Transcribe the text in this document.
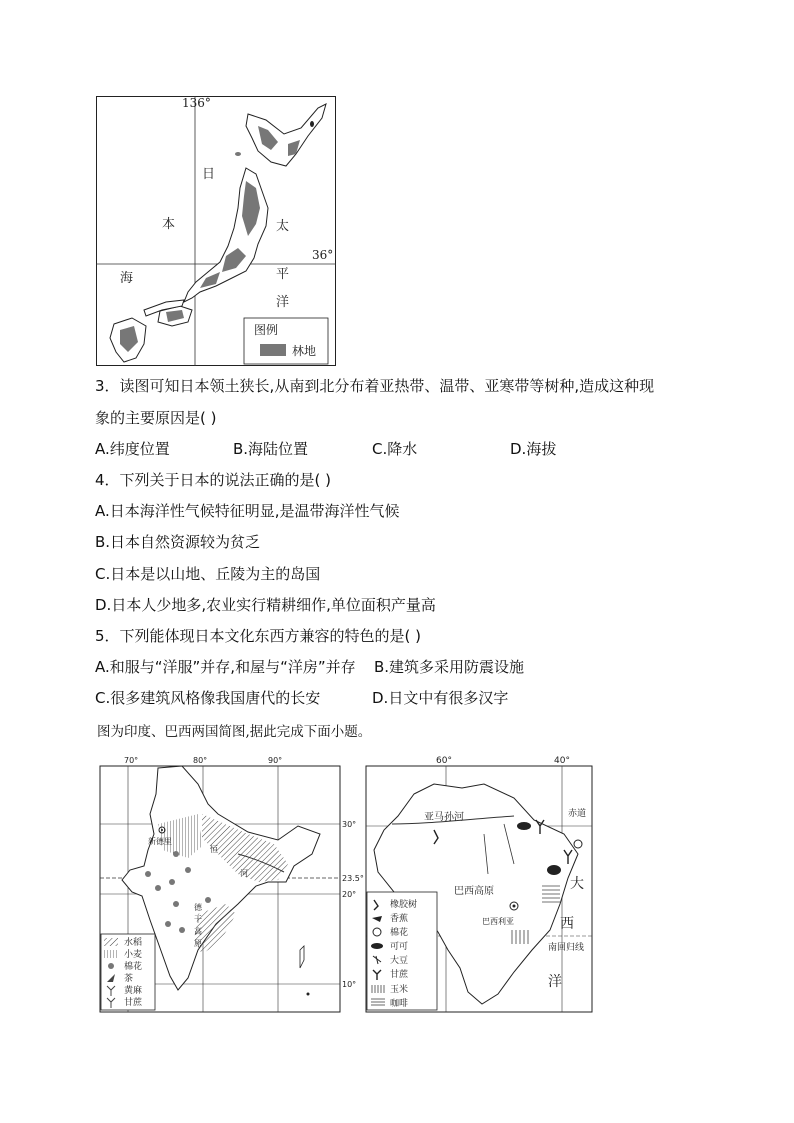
136°
36°
日
本
海
太
平
洋
图例
林地
3．读图可知日本领土狭长,从南到北分布着亚热带、温带、亚寒带等树种,造成这种现
象的主要原因是( )
A.纬度位置	B.海陆位置	C.降水	D.海拔
4．下列关于日本的说法正确的是( )
A.日本海洋性气候特征明显,是温带海洋性气候
B.日本自然资源较为贫乏
C.日本是以山地、丘陵为主的岛国
D.日本人少地多,农业实行精耕细作,单位面积产量高
5．下列能体现日本文化东西方兼容的特色的是( )
A.和服与“洋服”并存,和屋与“洋房”并存 B.建筑多采用防震设施
C.很多建筑风格像我国唐代的长安	D.日文中有很多汉字
图为印度、巴西两国简图,据此完成下面小题。
70°	80°	90°
30°
23.5°
20°
10°
新德里
恒
河
德
干
高
原
水稻
小麦
棉花
茶
黄麻
甘蔗
60°	40°
赤道
南回归线
亚马孙河
巴西高原
巴西利亚
大
西
洋
橡胶树
香蕉
棉花
可可
大豆
甘蔗
玉米
咖啡
